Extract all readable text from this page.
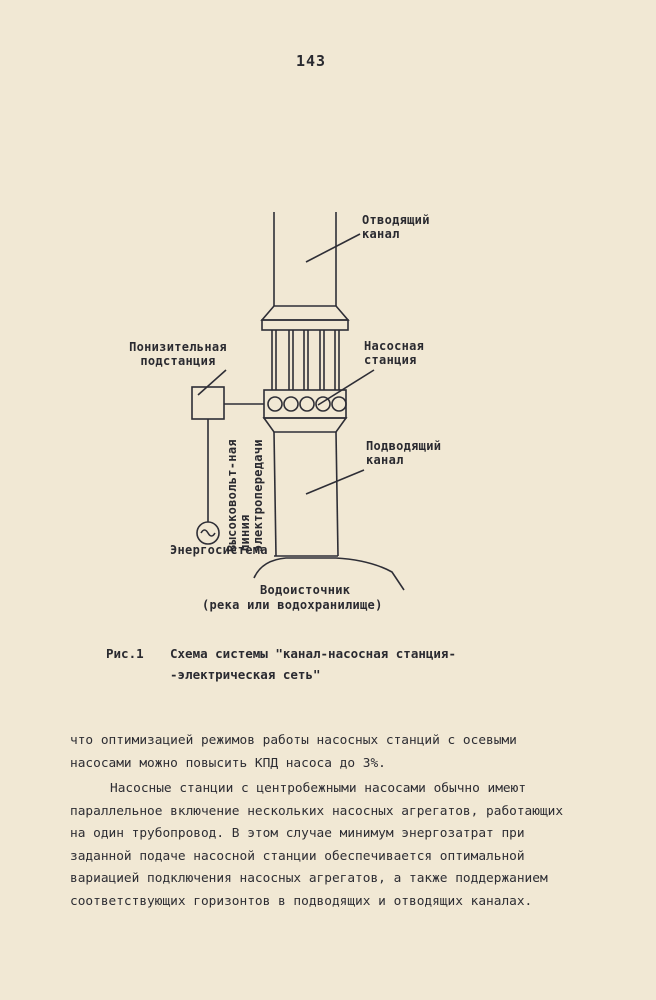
143
Отводящий канал
Насосная станция
Понизительная подстанция
Высоковольт-ная линия электропередачи	Подводящий канал
Энергосистема
Водоисточник
(река или водохранилище)
Рис.1 Схема системы "канал-насосная станция-
-электрическая сеть"
что оптимизацией режимов работы насосных станций с осевыми насосами можно повысить КПД насоса до 3%.
Насосные станции с центробежными насосами обычно имеют параллельное включение нескольких насосных агрегатов, работающих на один трубопровод. В этом случае минимум энергозатрат при заданной подаче насосной станции обеспечивается оптимальной вариацией подключения насосных агрегатов, а также поддержанием соответствующих горизонтов в подводящих и отводящих каналах.
